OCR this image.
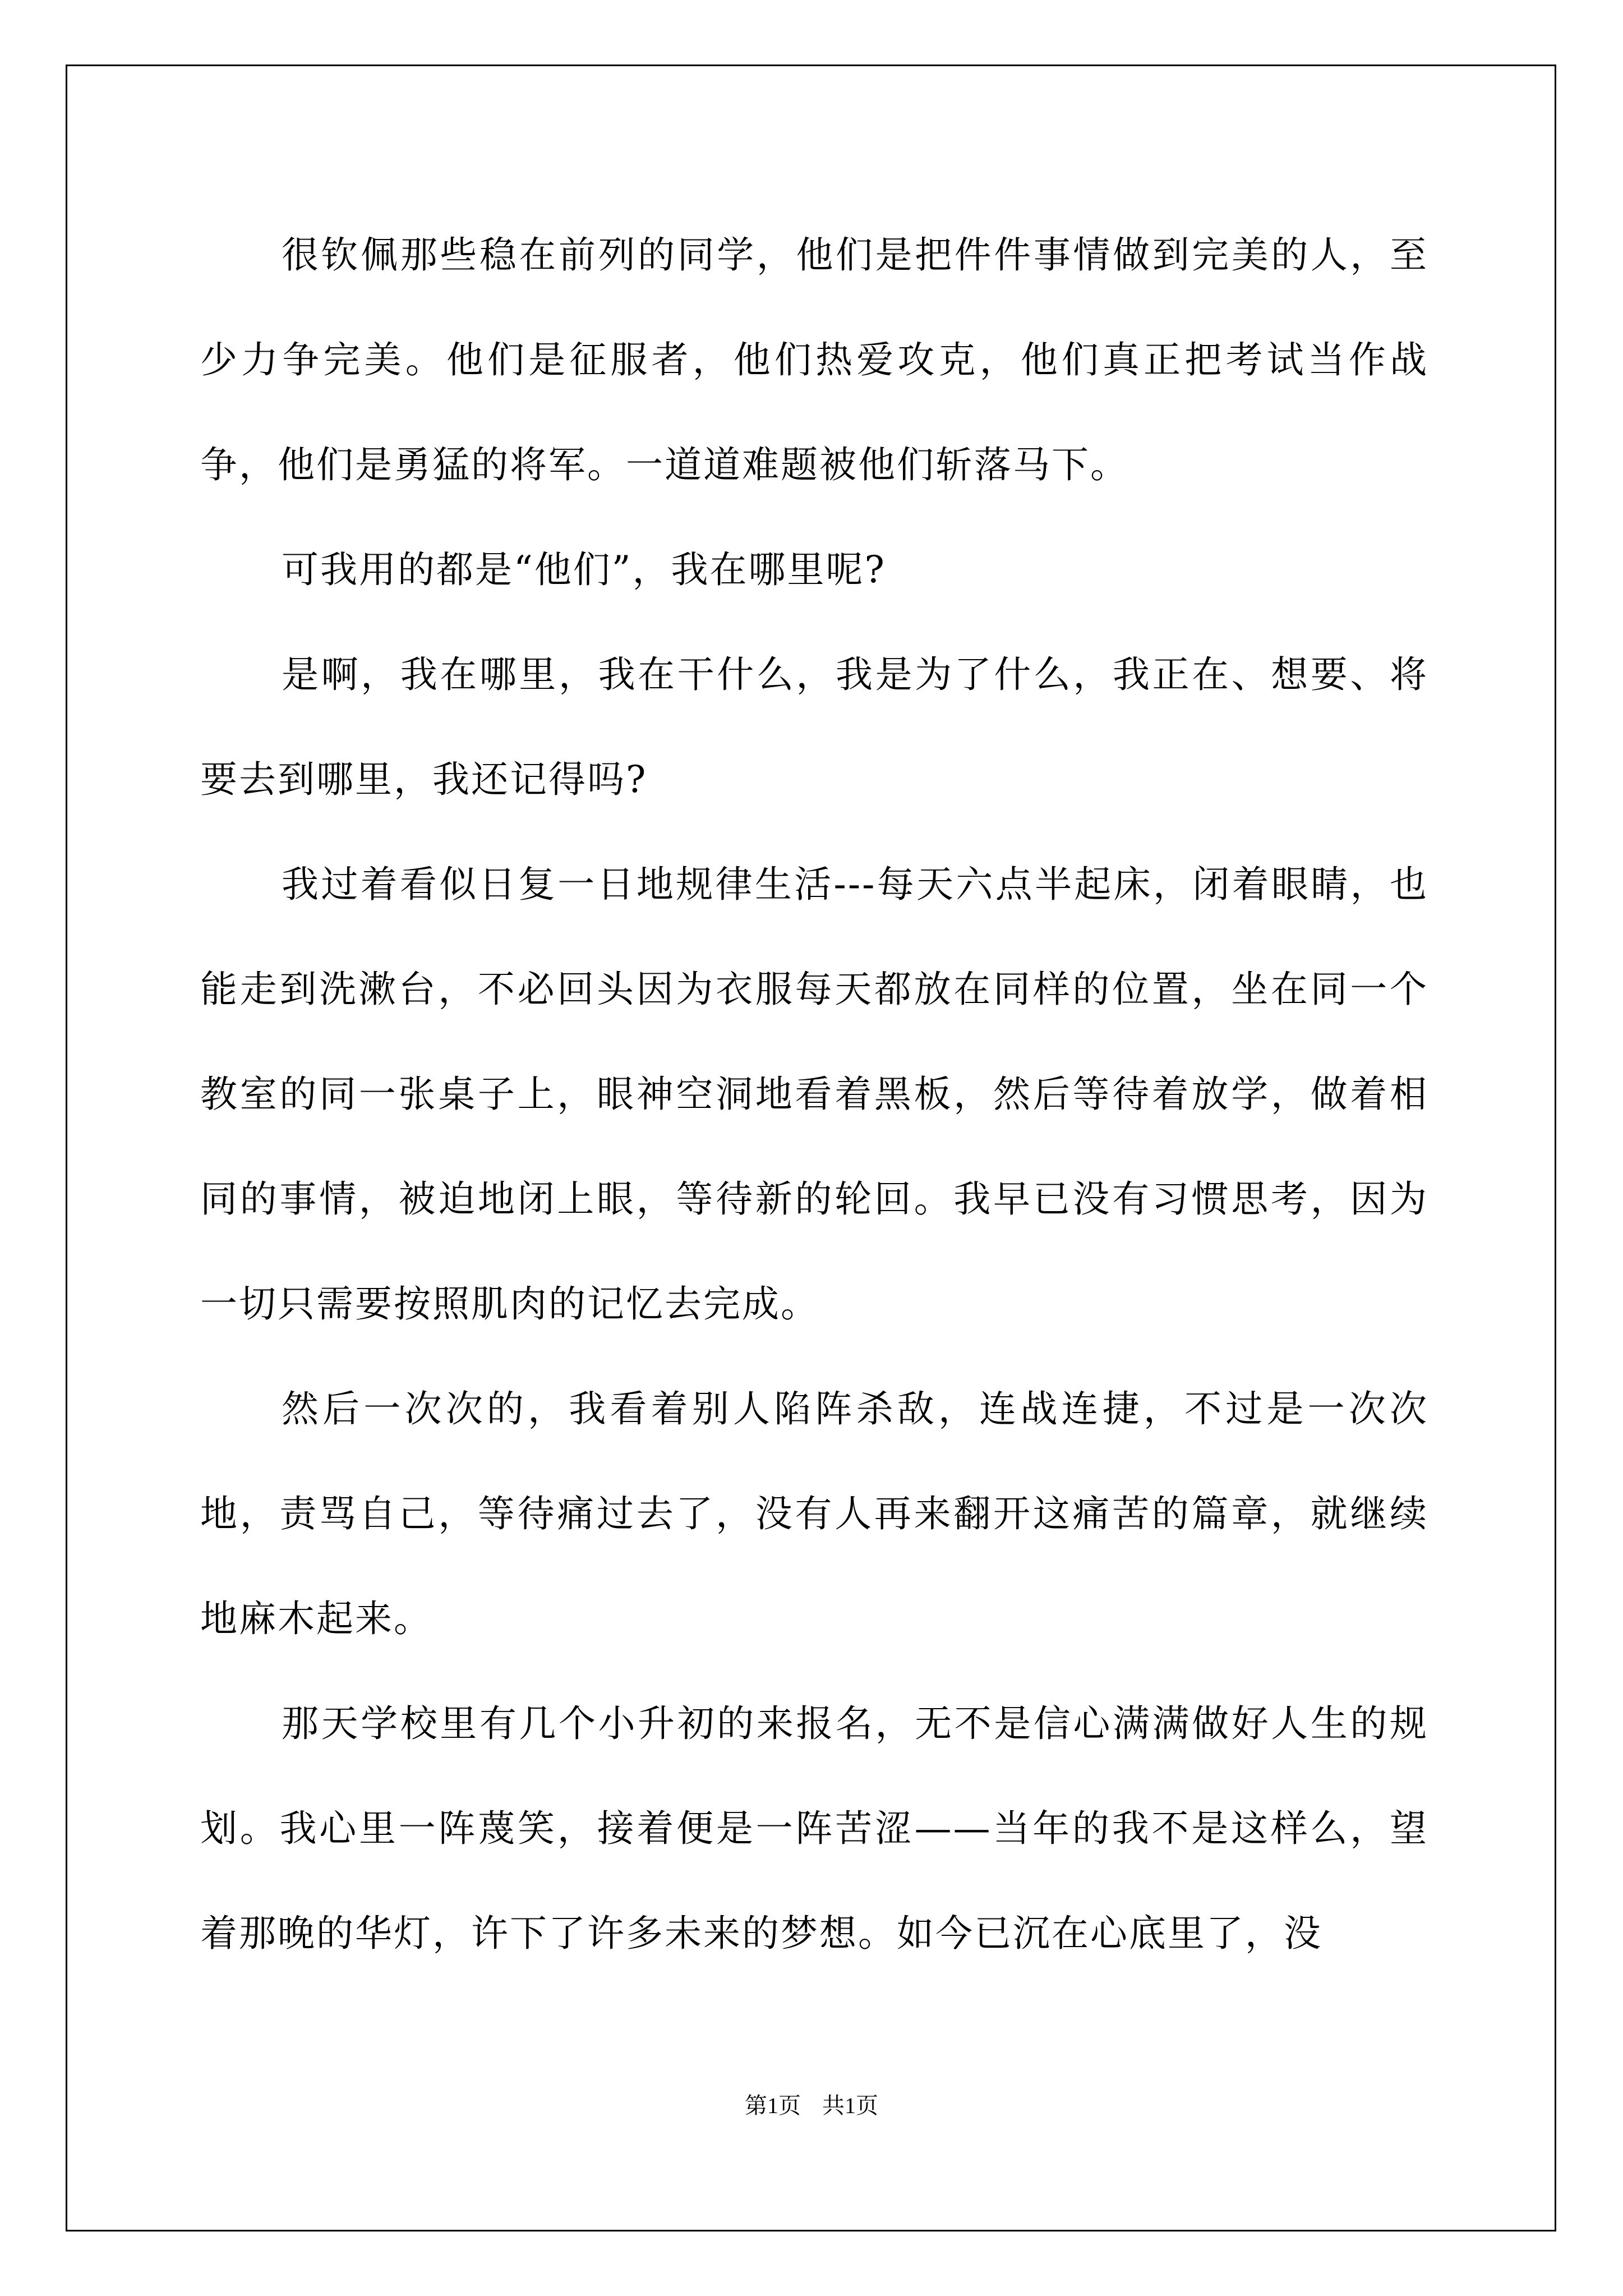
很钦佩那些稳在前列的同学，他们是把件件事情做到完美的人，至少力争完美。他们是征服者，他们热爱攻克，他们真正把考试当作战争，他们是勇猛的将军。一道道难题被他们斩落马下。

可我用的都是“他们”，我在哪里呢?

是啊，我在哪里，我在干什么，我是为了什么，我正在、想要、将要去到哪里，我还记得吗?

我过着看似日复一日地规律生活---每天六点半起床，闭着眼睛，也能走到洗漱台，不必回头因为衣服每天都放在同样的位置，坐在同一个教室的同一张桌子上，眼神空洞地看着黑板，然后等待着放学，做着相同的事情，被迫地闭上眼，等待新的轮回。我早已没有习惯思考，因为一切只需要按照肌肉的记忆去完成。

然后一次次的，我看着别人陷阵杀敌，连战连捷，不过是一次次地，责骂自己，等待痛过去了，没有人再来翻开这痛苦的篇章，就继续地麻木起来。

那天学校里有几个小升初的来报名，无不是信心满满做好人生的规划。我心里一阵蔑笑，接着便是一阵苦涩——当年的我不是这样么，望着那晚的华灯，许下了许多未来的梦想。如今已沉在心底里了，没

第1页 共1页
